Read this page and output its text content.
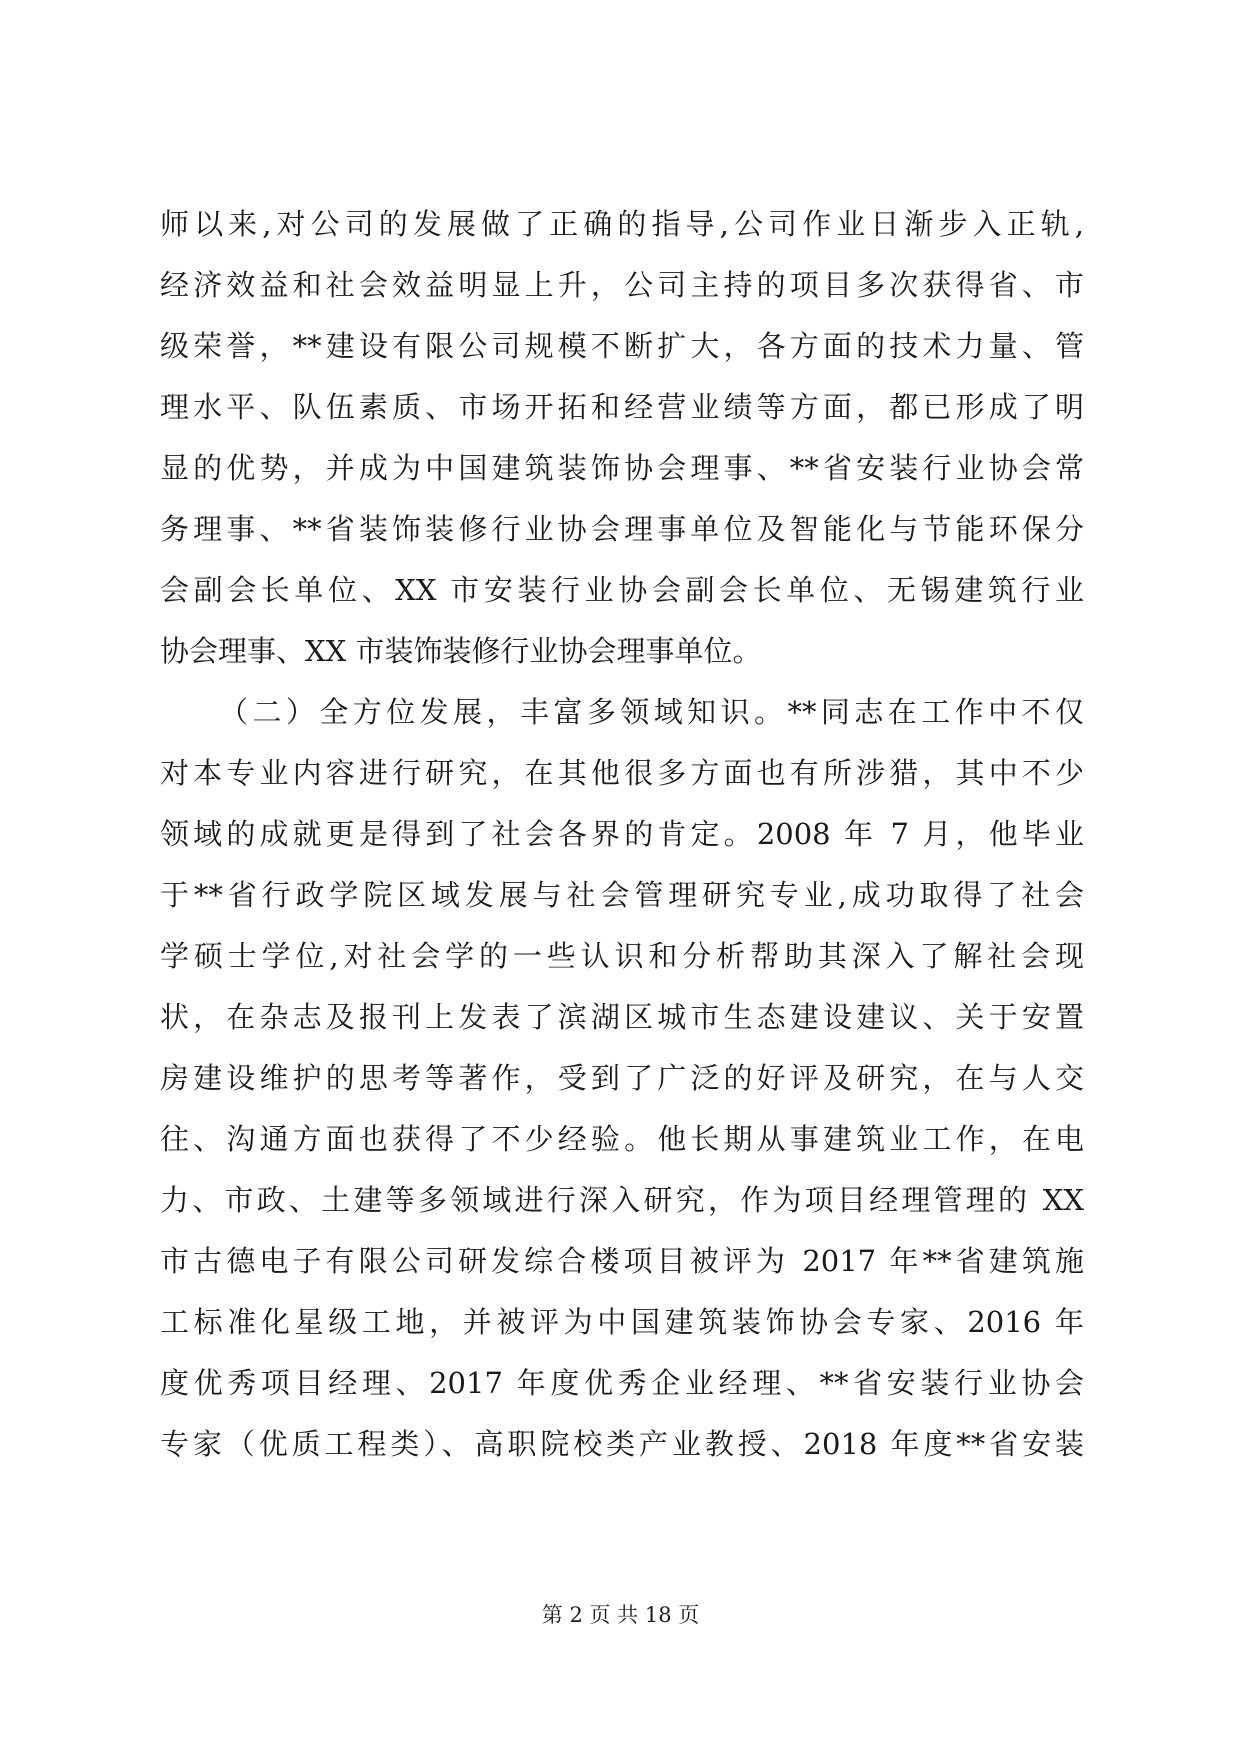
师以来,对公司的发展做了正确的指导,公司作业日渐步入正轨,
经济效益和社会效益明显上升，公司主持的项目多次获得省、市
级荣誉，**建设有限公司规模不断扩大，各方面的技术力量、管
理水平、队伍素质、市场开拓和经营业绩等方面，都已形成了明
显的优势，并成为中国建筑装饰协会理事、**省安装行业协会常
务理事、**省装饰装修行业协会理事单位及智能化与节能环保分
会副会长单位、XX 市安装行业协会副会长单位、无锡建筑行业
协会理事、XX 市装饰装修行业协会理事单位。
（二）全方位发展，丰富多领域知识。**同志在工作中不仅
对本专业内容进行研究，在其他很多方面也有所涉猎，其中不少
领域的成就更是得到了社会各界的肯定。2008 年 7 月，他毕业
于**省行政学院区域发展与社会管理研究专业,成功取得了社会
学硕士学位,对社会学的一些认识和分析帮助其深入了解社会现
状，在杂志及报刊上发表了滨湖区城市生态建设建议、关于安置
房建设维护的思考等著作，受到了广泛的好评及研究，在与人交
往、沟通方面也获得了不少经验。他长期从事建筑业工作，在电
力、市政、土建等多领域进行深入研究，作为项目经理管理的 XX
市古德电子有限公司研发综合楼项目被评为 2017 年**省建筑施
工标准化星级工地，并被评为中国建筑装饰协会专家、2016 年
度优秀项目经理、2017 年度优秀企业经理、**省安装行业协会
专家（优质工程类）、高职院校类产业教授、2018 年度**省安装
第 2 页 共 18 页
